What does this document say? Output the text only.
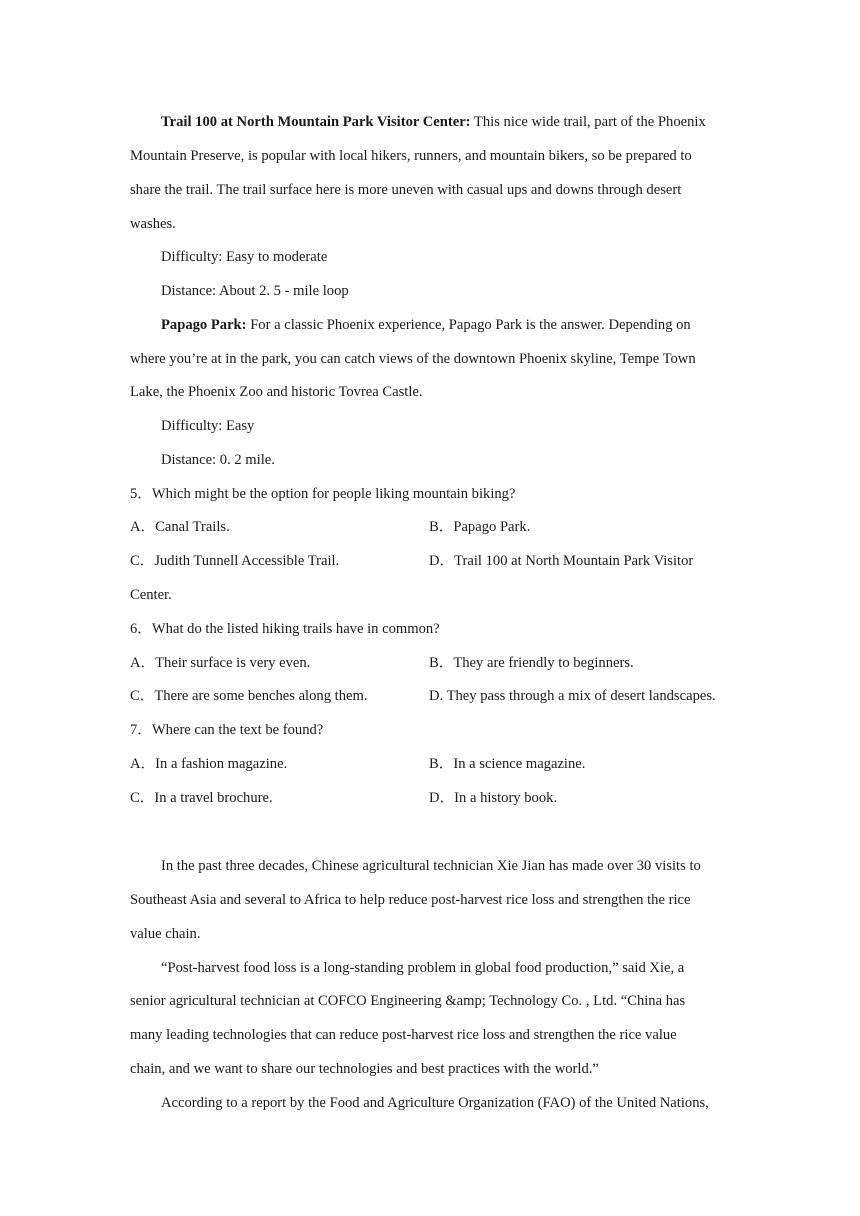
Trail 100 at North Mountain Park Visitor Center: This nice wide trail, part of the Phoenix
Mountain Preserve, is popular with local hikers, runners, and mountain bikers, so be prepared to
share the trail. The trail surface here is more uneven with casual ups and downs through desert
washes.
Difficulty: Easy to moderate
Distance: About 2. 5 - mile loop
Papago Park: For a classic Phoenix experience, Papago Park is the answer. Depending on
where you’re at in the park, you can catch views of the downtown Phoenix skyline, Tempe Town
Lake, the Phoenix Zoo and historic Tovrea Castle.
Difficulty: Easy
Distance: 0. 2 mile.
5．Which might be the option for people liking mountain biking?
A．Canal Trails.	B．Papago Park.
C．Judith Tunnell Accessible Trail.	D．Trail 100 at North Mountain Park Visitor
Center.
6．What do the listed hiking trails have in common?
A．Their surface is very even.	B．They are friendly to beginners.
C．There are some benches along them.	D. They pass through a mix of desert landscapes.
7．Where can the text be found?
A．In a fashion magazine.	B．In a science magazine.
C．In a travel brochure.	D．In a history book.
In the past three decades, Chinese agricultural technician Xie Jian has made over 30 visits to
Southeast Asia and several to Africa to help reduce post-harvest rice loss and strengthen the rice
value chain.
“Post-harvest food loss is a long-standing problem in global food production,” said Xie, a
senior agricultural technician at COFCO Engineering &amp; Technology Co. , Ltd. “China has
many leading technologies that can reduce post-harvest rice loss and strengthen the rice value
chain, and we want to share our technologies and best practices with the world.”
According to a report by the Food and Agriculture Organization (FAO) of the United Nations,
